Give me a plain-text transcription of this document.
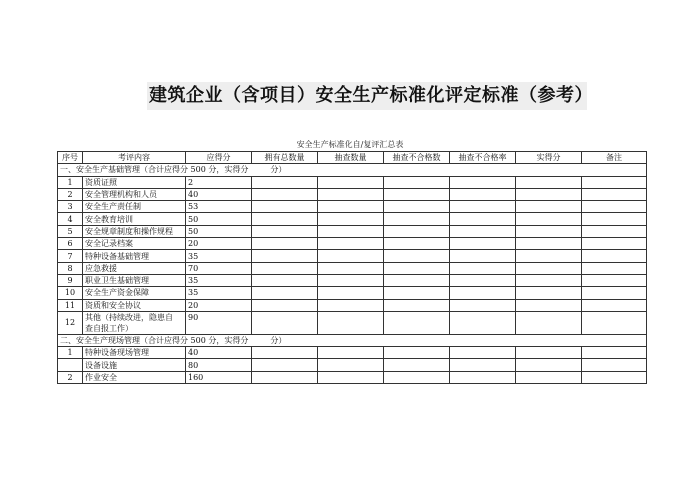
建筑企业（含项目）安全生产标准化评定标准（参考）
安全生产标准化自/复评汇总表
序号	考评内容	应得分	拥有总数量	抽查数量	抽查不合格数	抽查不合格率	实得分	备注
一、安全生产基础管理（合计应得分 500 分，实得分 分）								
1	资质证照	2						
2	安全管理机构和人员	40						
3	安全生产责任制	53						
4	安全教育培训	50						
5	安全规章制度和操作规程	50						
6	安全记录档案	20						
7	特种设备基础管理	35						
8	应急救援	70						
9	职业卫生基础管理	35						
10	安全生产资金保障	35						
11	资质和安全协议	20						
12	其他（持续改进，隐患自
查自报工作）	90						
二、安全生产现场管理（合计应得分 500 分，实得分 分）								
1	特种设备现场管理	40						
	设备设施	80						
2	作业安全	160						
